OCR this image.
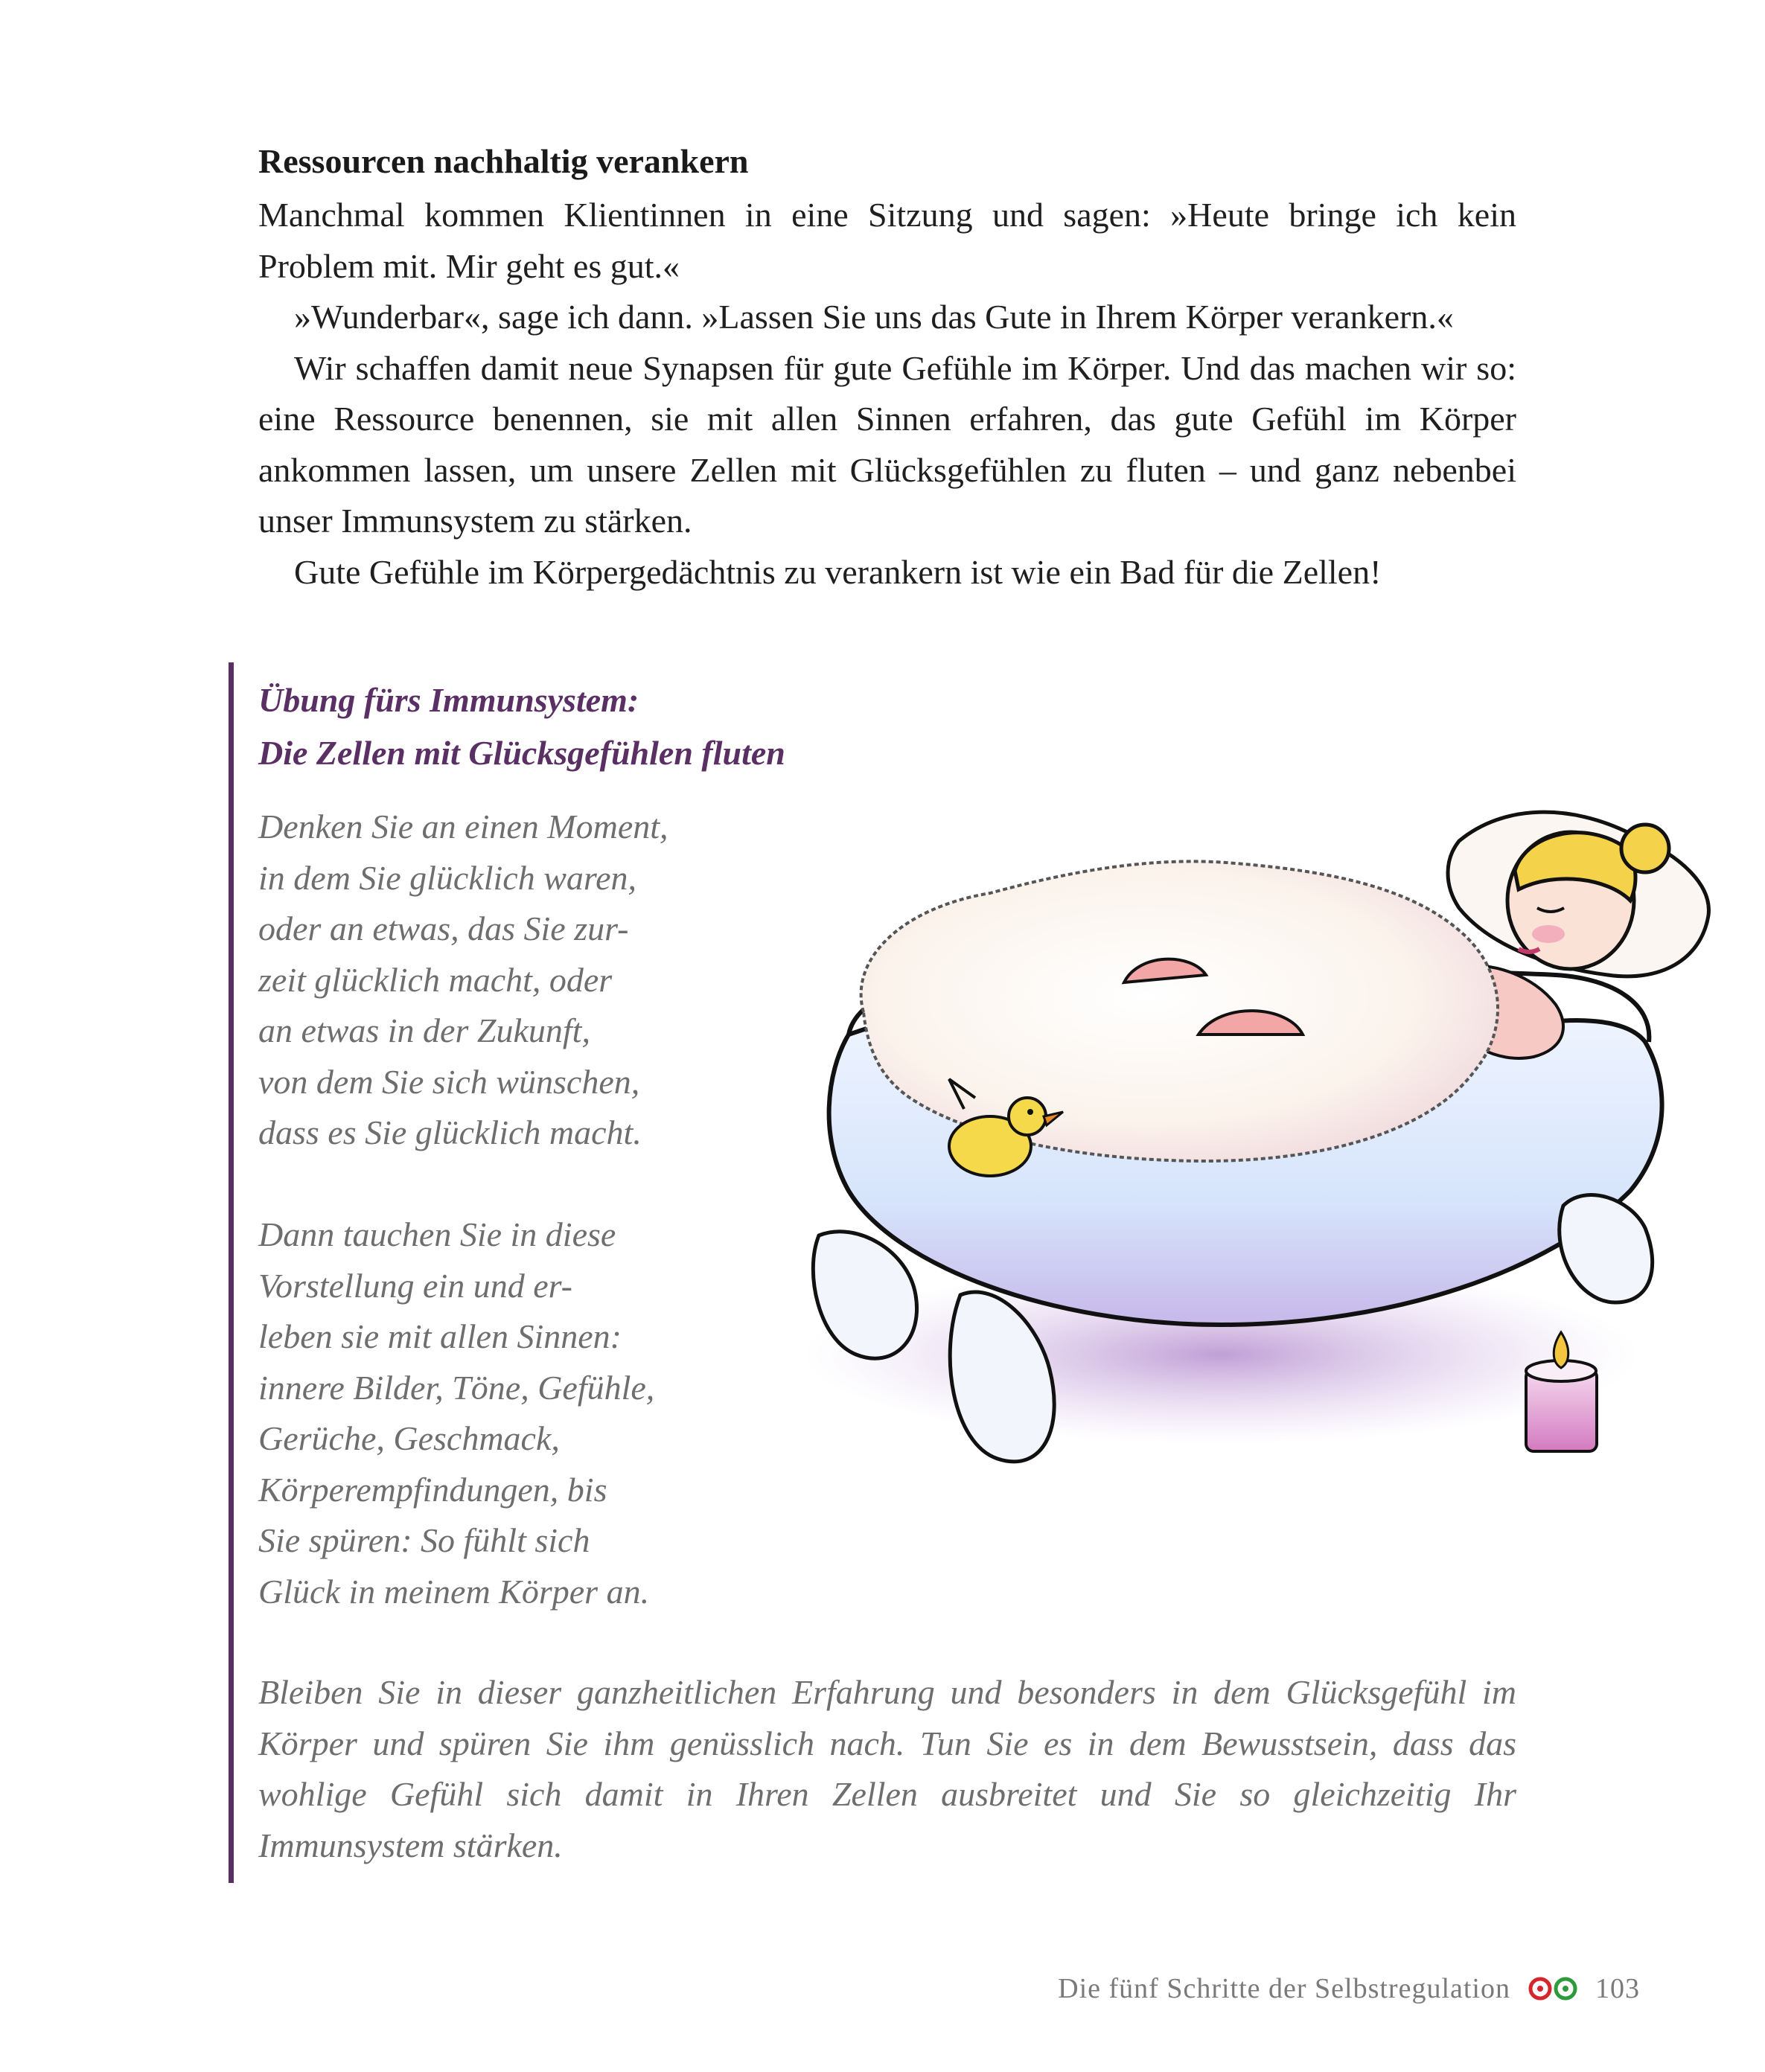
Ressourcen nachhaltig verankern

Manchmal kommen Klientinnen in eine Sitzung und sagen: »Heute bringe ich kein Problem mit. Mir geht es gut.«

»Wunderbar«, sage ich dann. »Lassen Sie uns das Gute in Ihrem Körper verankern.«

Wir schaffen damit neue Synapsen für gute Gefühle im Körper. Und das machen wir so: eine Ressource benennen, sie mit allen Sinnen erfahren, das gute Gefühl im Körper ankommen lassen, um unsere Zellen mit Glücksgefühlen zu fluten – und ganz nebenbei unser Immunsystem zu stärken.

Gute Gefühle im Körpergedächtnis zu verankern ist wie ein Bad für die Zellen!

Übung fürs Immunsystem:
Die Zellen mit Glücksgefühlen fluten

Denken Sie an einen Moment,
in dem Sie glücklich waren,
oder an etwas, das Sie zur-
zeit glücklich macht, oder
an etwas in der Zukunft,
von dem Sie sich wünschen,
dass es Sie glücklich macht.

Dann tauchen Sie in diese
Vorstellung ein und er-
leben sie mit allen Sinnen:
innere Bilder, Töne, Gefühle,
Gerüche, Geschmack,
Körperempfindungen, bis
Sie spüren: So fühlt sich
Glück in meinem Körper an.

Bleiben Sie in dieser ganzheitlichen Erfahrung und besonders in dem Glücksgefühl im Körper und spüren Sie ihm genüsslich nach. Tun Sie es in dem Bewusstsein, dass das wohlige Gefühl sich damit in Ihren Zellen ausbreitet und Sie so gleichzeitig Ihr Immunsystem stärken.

Die fünf Schritte der Selbstregulation	103
